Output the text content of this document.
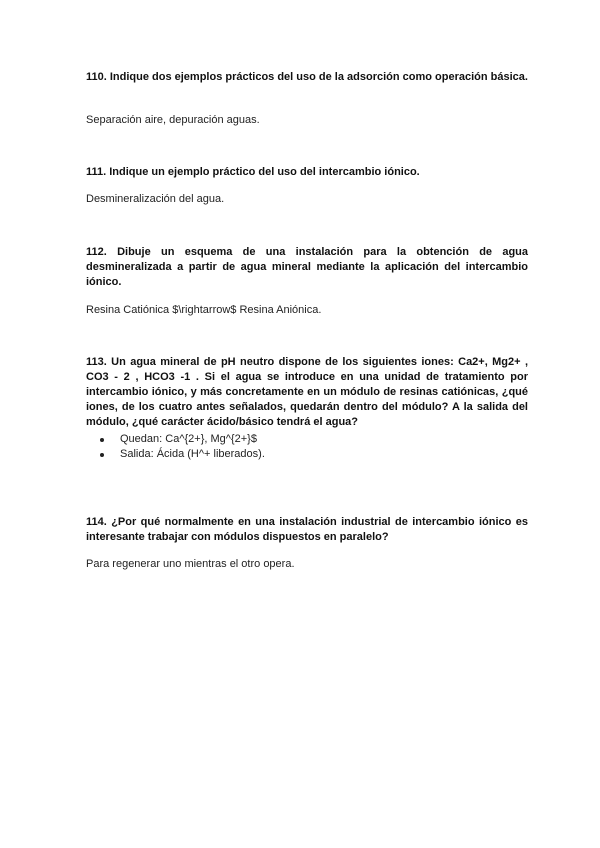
110. Indique dos ejemplos prácticos del uso de la adsorción como operación básica.

Separación aire, depuración aguas.

111. Indique un ejemplo práctico del uso del intercambio iónico.

Desmineralización del agua.

112. Dibuje un esquema de una instalación para la obtención de agua desmineralizada a partir de agua mineral mediante la aplicación del intercambio iónico.

Resina Catiónica $\rightarrow$ Resina Aniónica.

113. Un agua mineral de pH neutro dispone de los siguientes iones: Ca2+, Mg2+ , CO3 - 2 , HCO3 -1 . Si el agua se introduce en una unidad de tratamiento por intercambio iónico, y más concretamente en un módulo de resinas catiónicas, ¿qué iones, de los cuatro antes señalados, quedarán dentro del módulo? A la salida del módulo, ¿qué carácter ácido/básico tendrá el agua?

Quedan: Ca^{2+}, Mg^{2+}$
Salida: Ácida (H^+ liberados).

114. ¿Por qué normalmente en una instalación industrial de intercambio iónico es interesante trabajar con módulos dispuestos en paralelo?

Para regenerar uno mientras el otro opera.
